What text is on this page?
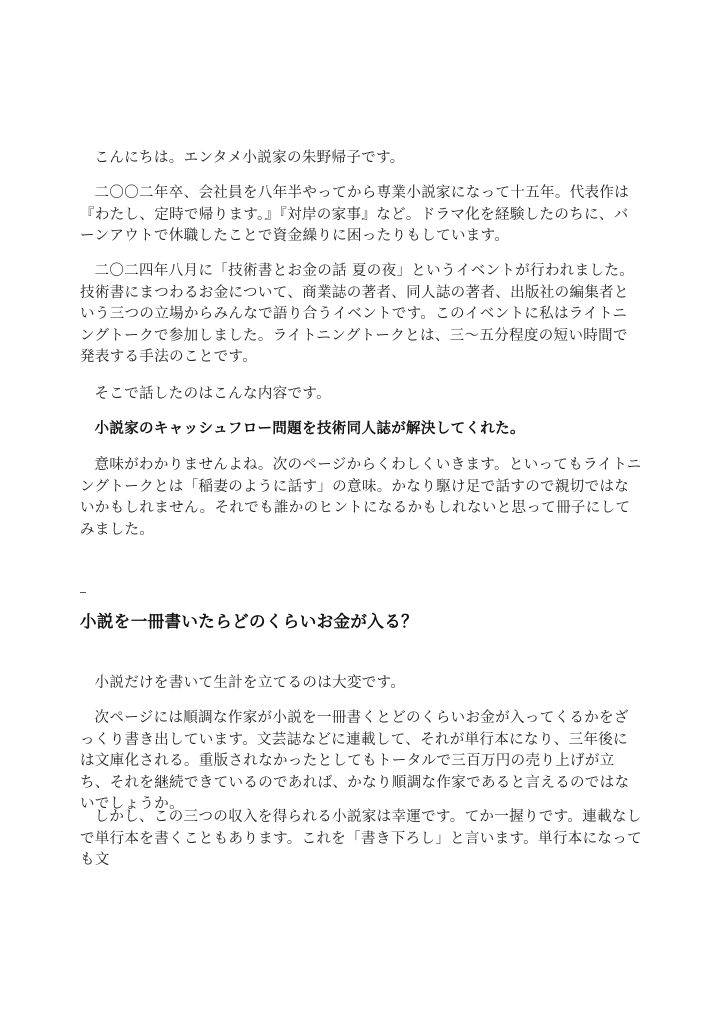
こんにちは。エンタメ小説家の朱野帰子です。

二〇〇二年卒、会社員を八年半やってから専業小説家になって十五年。代表作は『わたし、定時で帰ります。』『対岸の家事』など。ドラマ化を経験したのちに、バーンアウトで休職したことで資金繰りに困ったりもしています。

二〇二四年八月に「技術書とお金の話 夏の夜」というイベントが行われました。技術書にまつわるお金について、商業誌の著者、同人誌の著者、出版社の編集者という三つの立場からみんなで語り合うイベントです。このイベントに私はライトニングトークで参加しました。ライトニングトークとは、三〜五分程度の短い時間で発表する手法のことです。

そこで話したのはこんな内容です。

小説家のキャッシュフロー問題を技術同人誌が解決してくれた。

意味がわかりませんよね。次のページからくわしくいきます。といってもライトニングトークとは「稲妻のように話す」の意味。かなり駆け足で話すので親切ではないかもしれません。それでも誰かのヒントになるかもしれないと思って冊子にしてみました。

小説を一冊書いたらどのくらいお金が入る？

小説だけを書いて生計を立てるのは大変です。

次ページには順調な作家が小説を一冊書くとどのくらいお金が入ってくるかをざっくり書き出しています。文芸誌などに連載して、それが単行本になり、三年後には文庫化される。重版されなかったとしてもトータルで三百万円の売り上げが立ち、それを継続できているのであれば、かなり順調な作家であると言えるのではないでしょうか。

しかし、この三つの収入を得られる小説家は幸運です。てか一握りです。連載なしで単行本を書くこともあります。これを「書き下ろし」と言います。単行本になっても文
